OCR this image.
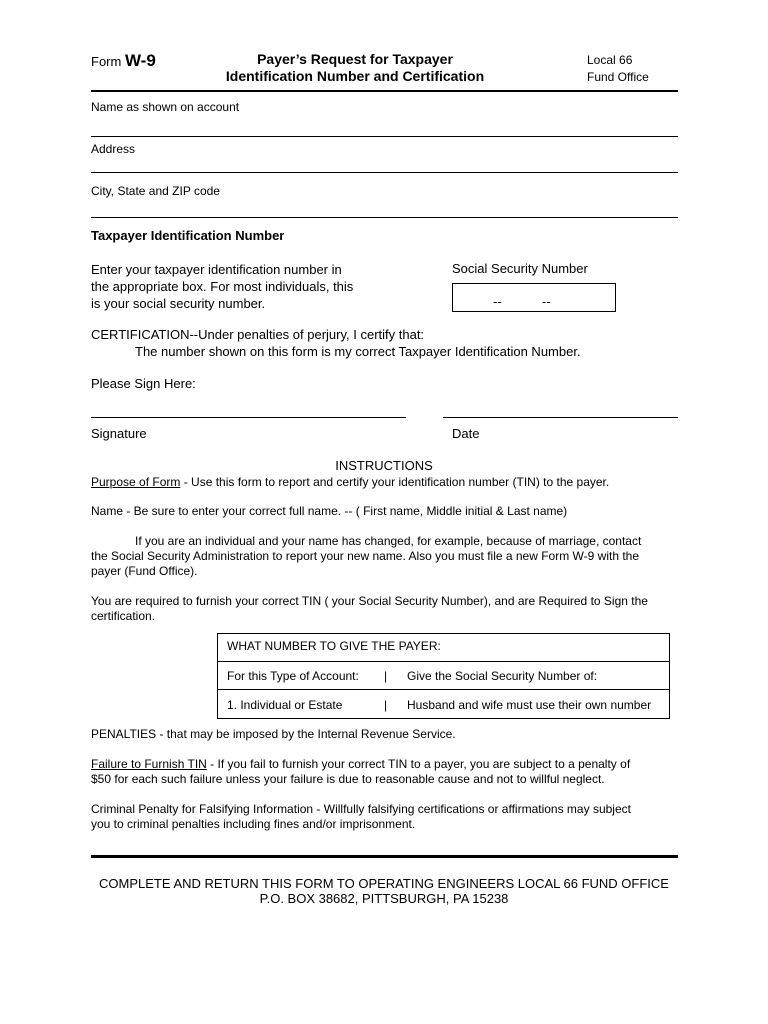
Form W-9	Payer’s Request for Taxpayer
Identification Number and Certification
Local 66
Fund Office
Name as shown on account
Address
City, State and ZIP code
Taxpayer Identification Number
Enter your taxpayer identification number in
the appropriate box. For most individuals, this
is your social security number.
Social Security Number
--	--
CERTIFICATION--Under penalties of perjury, I certify that:
The number shown on this form is my correct Taxpayer Identification Number.
Please Sign Here:
Signature	Date
INSTRUCTIONS
Purpose of Form - Use this form to report and certify your identification number (TIN) to the payer.
Name - Be sure to enter your correct full name. -- ( First name, Middle initial & Last name)
If you are an individual and your name has changed, for example, because of marriage, contact
the Social Security Administration to report your new name. Also you must file a new Form W-9 with the
payer (Fund Office).
You are required to furnish your correct TIN ( your Social Security Number), and are Required to Sign the
certification.
WHAT NUMBER TO GIVE THE PAYER:
For this Type of Account: | Give the Social Security Number of:
1. Individual or Estate	| Husband and wife must use their own number
PENALTIES - that may be imposed by the Internal Revenue Service.
Failure to Furnish TIN - If you fail to furnish your correct TIN to a payer, you are subject to a penalty of
$50 for each such failure unless your failure is due to reasonable cause and not to willful neglect.
Criminal Penalty for Falsifying Information - Willfully falsifying certifications or affirmations may subject
you to criminal penalties including fines and/or imprisonment.
COMPLETE AND RETURN THIS FORM TO OPERATING ENGINEERS LOCAL 66 FUND OFFICE
P.O. BOX 38682, PITTSBURGH, PA 15238
